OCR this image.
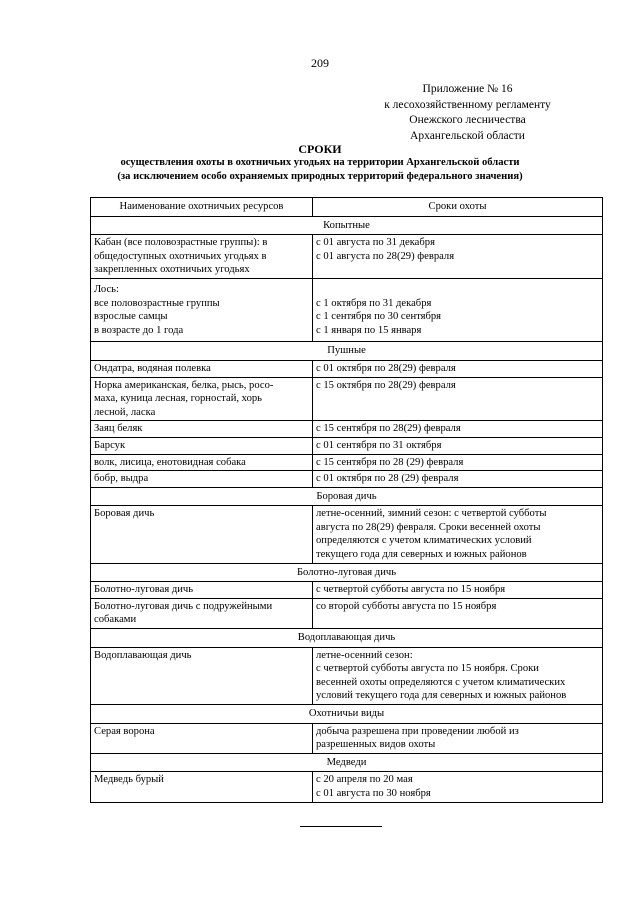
209
Приложение № 16
к лесохозяйственному регламенту
Онежского лесничества
Архангельской области
СРОКИ
осуществления охоты в охотничьих угодьях на территории Архангельской области
(за исключением особо охраняемых природных территорий федерального значения)
Наименование охотничьих ресурсов	Сроки охоты
Копытные	

Кабан (все половозрастные группы): в
общедоступных охотничьих угодьях в
закрепленных охотничьих угодьях	с 01 августа по 31 декабря
с 01 августа по 28(29) февраля

Лось:
все половозрастные группы
взрослые самцы
в возрасте до 1 года	с 1 октября по 31 декабря
с 1 сентября по 30 сентября
с 1 января по 15 января

Пушные	

Ондатра, водяная полевка	с 01 октября по 28(29) февраля

Норка американская, белка, рысь, росо-
маха, куница лесная, горностай, хорь
лесной, ласка	с 15 октября по 28(29) февраля

Заяц беляк	с 15 сентября по 28(29) февраля

Барсук	с 01 сентября по 31 октября

волк, лисица, енотовидная собака	с 15 сентября по 28 (29) февраля

бобр, выдра	с 01 октября по 28 (29) февраля

Боровая дичь	

Боровая дичь	летне-осенний, зимний сезон: с четвертой субботы
августа по 28(29) февраля. Сроки весенней охоты
определяются с учетом климатических условий
текущего года для северных и южных районов

Болотно-луговая дичь	

Болотно-луговая дичь	с четвертой субботы августа по 15 ноября

Болотно-луговая дичь с подружейными
собаками	со второй субботы августа по 15 ноября

Водоплавающая дичь	

Водоплавающая дичь	летне-осенний сезон:
с четвертой субботы августа по 15 ноября. Сроки
весенней охоты определяются с учетом климатических
условий текущего года для северных и южных районов

Охотничьи виды	

Серая ворона	добыча разрешена при проведении любой из
разрешенных видов охоты

Медведи	

Медведь бурый	с 20 апреля по 20 мая
с 01 августа по 30 ноября
